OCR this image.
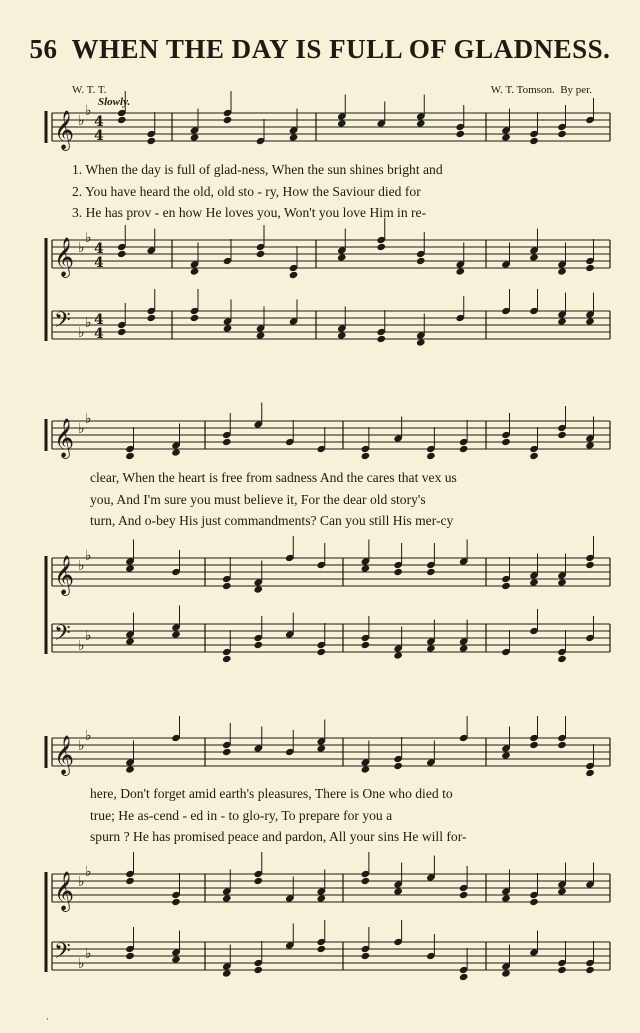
56 WHEN THE DAY IS FULL OF GLADNESS.
W. T. T.	W. T. Tomson. By per.
Slowly.
𝄞 ♭
♭
4
4
𝄞 ♭
♭
4
4
𝄢 ♭
♭ 4
4
𝄞 ♭
♭
𝄞 ♭
♭
𝄢 ♭
♭
𝄞 ♭
♭
𝄞 ♭
♭
𝄢 ♭
♭
1. When the day is full of glad-ness, When the sun shines bright and
2. You have heard the old, old sto - ry, How the Saviour died for
3. He has prov - en how He loves you, Won't you love Him in re-
clear, When the heart is free from sadness And the cares that vex us
you, And I'm sure you must believe it, For the dear old story's
turn, And o-bey His just commandments? Can you still His mer-cy
here, Don't forget amid earth's pleasures, There is One who died to
true; He as-cend - ed in - to glo-ry, To prepare for you a
spurn ? He has promised peace and pardon, All your sins He will for-
·
